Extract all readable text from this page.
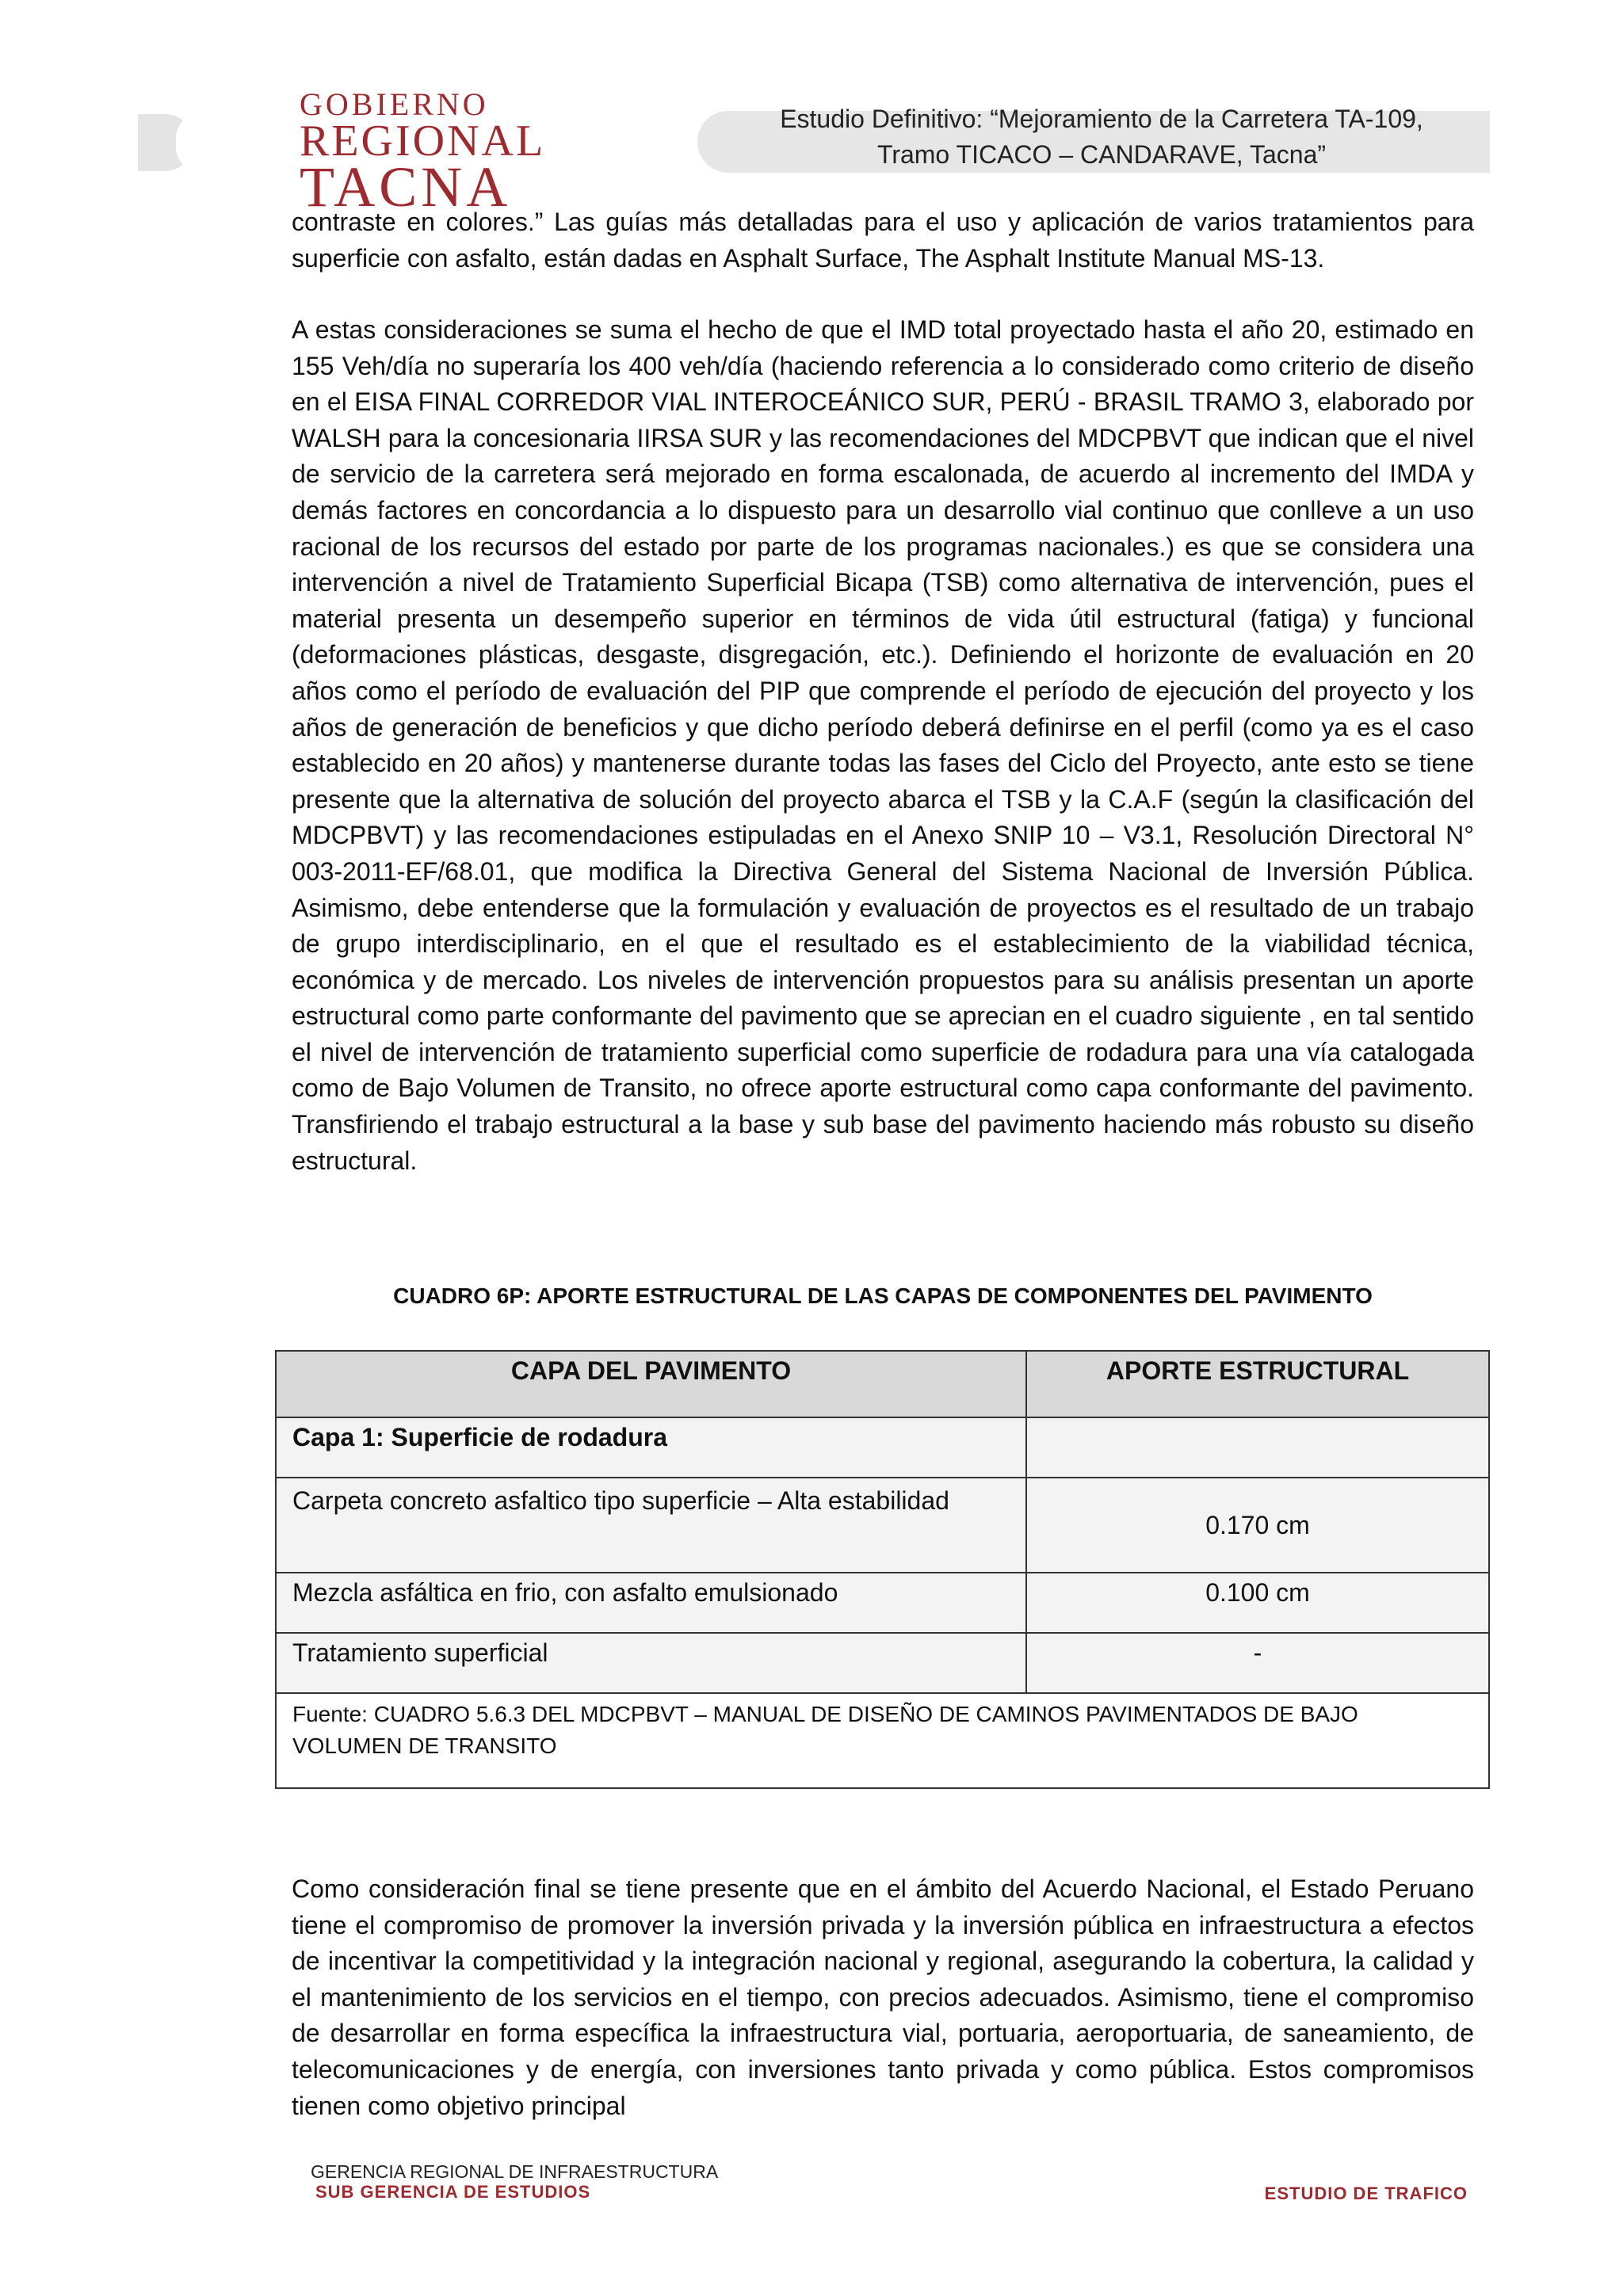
GOBIERNO
REGIONAL
TACNA
Estudio Definitivo: “Mejoramiento de la Carretera TA-109,
Tramo TICACO – CANDARAVE, Tacna”
contraste en colores.” Las guías más detalladas para el uso y aplicación de varios tratamientos para superficie con asfalto, están dadas en Asphalt Surface, The Asphalt Institute Manual MS-13.
A estas consideraciones se suma el hecho de que el IMD total proyectado hasta el año 20, estimado en 155 Veh/día no superaría los 400 veh/día (haciendo referencia a lo considerado como criterio de diseño en el EISA FINAL CORREDOR VIAL INTEROCEÁNICO SUR, PERÚ - BRASIL TRAMO 3, elaborado por WALSH para la concesionaria IIRSA SUR y las recomendaciones del MDCPBVT que indican que el nivel de servicio de la carretera será mejorado en forma escalonada, de acuerdo al incremento del IMDA y demás factores en concordancia a lo dispuesto para un desarrollo vial continuo que conlleve a un uso racional de los recursos del estado por parte de los programas nacionales.) es que se considera una intervención a nivel de Tratamiento Superficial Bicapa (TSB) como alternativa de intervención, pues el material presenta un desempeño superior en términos de vida útil estructural (fatiga) y funcional (deformaciones plásticas, desgaste, disgregación, etc.). Definiendo el horizonte de evaluación en 20 años como el período de evaluación del PIP que comprende el período de ejecución del proyecto y los años de generación de beneficios y que dicho período deberá definirse en el perfil (como ya es el caso establecido en 20 años) y mantenerse durante todas las fases del Ciclo del Proyecto, ante esto se tiene presente que la alternativa de solución del proyecto abarca el TSB y la C.A.F (según la clasificación del MDCPBVT) y las recomendaciones estipuladas en el Anexo SNIP 10 – V3.1, Resolución Directoral N° 003-2011-EF/68.01, que modifica la Directiva General del Sistema Nacional de Inversión Pública. Asimismo, debe entenderse que la formulación y evaluación de proyectos es el resultado de un trabajo de grupo interdisciplinario, en el que el resultado es el establecimiento de la viabilidad técnica, económica y de mercado. Los niveles de intervención propuestos para su análisis presentan un aporte estructural como parte conformante del pavimento que se aprecian en el cuadro siguiente , en tal sentido el nivel de intervención de tratamiento superficial como superficie de rodadura para una vía catalogada como de Bajo Volumen de Transito, no ofrece aporte estructural como capa conformante del pavimento. Transfiriendo el trabajo estructural a la base y sub base del pavimento haciendo más robusto su diseño estructural.
CUADRO 6P: APORTE ESTRUCTURAL DE LAS CAPAS DE COMPONENTES DEL PAVIMENTO
CAPA DEL PAVIMENTO	APORTE ESTRUCTURAL
Capa 1: Superficie de rodadura	
Carpeta concreto asfaltico tipo superficie – Alta estabilidad	0.170 cm
Mezcla asfáltica en frio, con asfalto emulsionado	0.100 cm
Tratamiento superficial	-
Fuente: CUADRO 5.6.3 DEL MDCPBVT – MANUAL DE DISEÑO DE CAMINOS PAVIMENTADOS DE BAJO VOLUMEN DE TRANSITO	
Como consideración final se tiene presente que en el ámbito del Acuerdo Nacional, el Estado Peruano tiene el compromiso de promover la inversión privada y la inversión pública en infraestructura a efectos de incentivar la competitividad y la integración nacional y regional, asegurando la cobertura, la calidad y el mantenimiento de los servicios en el tiempo, con precios adecuados. Asimismo, tiene el compromiso de desarrollar en forma específica la infraestructura vial, portuaria, aeroportuaria, de saneamiento, de telecomunicaciones y de energía, con inversiones tanto privada y como pública. Estos compromisos tienen como objetivo principal
GERENCIA REGIONAL DE INFRAESTRUCTURA
SUB GERENCIA DE ESTUDIOS	ESTUDIO DE TRAFICO
